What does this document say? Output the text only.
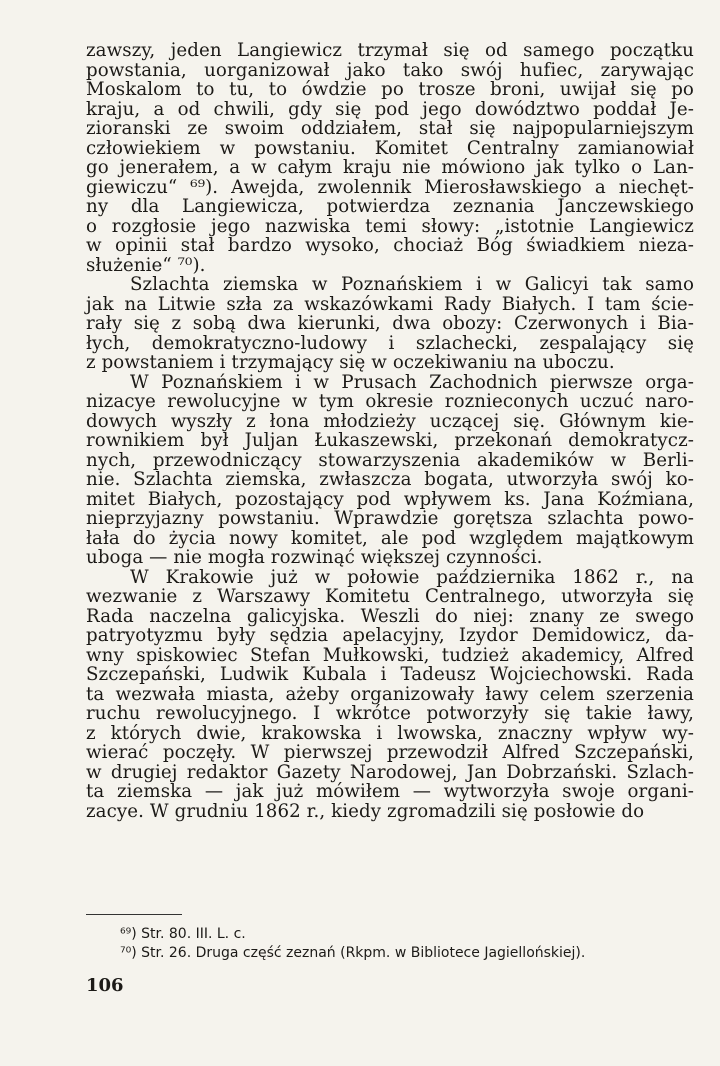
zawszy, jeden Langiewicz trzymał się od samego początku
powstania, uorganizował jako tako swój hufiec, zarywając
Moskalom to tu, to ówdzie po trosze broni, uwijał się po
kraju, a od chwili, gdy się pod jego dowództwo poddał Je-
zioranski ze swoim oddziałem, stał się najpopularniejszym
człowiekiem w powstaniu. Komitet Centralny zamianowiał
go jenerałem, a w całym kraju nie mówiono jak tylko o Lan-
giewiczu“ ⁶⁹). Awejda, zwolennik Mierosławskiego a niechęt-
ny dla Langiewicza, potwierdza zeznania Janczewskiego
o rozgłosie jego nazwiska temi słowy: „istotnie Langiewicz
w opinii stał bardzo wysoko, chociaż Bóg świadkiem nieza-
służenie“ ⁷⁰).
Szlachta ziemska w Poznańskiem i w Galicyi tak samo
jak na Litwie szła za wskazówkami Rady Białych. I tam ście-
rały się z sobą dwa kierunki, dwa obozy: Czerwonych i Bia-
łych, demokratyczno-ludowy i szlachecki, zespalający się
z powstaniem i trzymający się w oczekiwaniu na uboczu.
W Poznańskiem i w Prusach Zachodnich pierwsze orga-
nizacye rewolucyjne w tym okresie roznieconych uczuć naro-
dowych wyszły z łona młodzieży uczącej się. Głównym kie-
rownikiem był Juljan Łukaszewski, przekonań demokratycz-
nych, przewodniczący stowarzyszenia akademików w Berli-
nie. Szlachta ziemska, zwłaszcza bogata, utworzyła swój ko-
mitet Białych, pozostający pod wpływem ks. Jana Koźmiana,
nieprzyjazny powstaniu. Wprawdzie gorętsza szlachta powo-
łała do życia nowy komitet, ale pod względem majątkowym
uboga — nie mogła rozwinąć większej czynności.
W Krakowie już w połowie października 1862 r., na
wezwanie z Warszawy Komitetu Centralnego, utworzyła się
Rada naczelna galicyjska. Weszli do niej: znany ze swego
patryotyzmu były sędzia apelacyjny, Izydor Demidowicz, da-
wny spiskowiec Stefan Mułkowski, tudzież akademicy, Alfred
Szczepański, Ludwik Kubala i Tadeusz Wojciechowski. Rada
ta wezwała miasta, ażeby organizowały ławy celem szerzenia
ruchu rewolucyjnego. I wkrótce potworzyły się takie ławy,
z których dwie, krakowska i lwowska, znaczny wpływ wy-
wierać poczęły. W pierwszej przewodził Alfred Szczepański,
w drugiej redaktor Gazety Narodowej, Jan Dobrzański. Szlach-
ta ziemska — jak już mówiłem — wytworzyła swoje organi-
zacye. W grudniu 1862 r., kiedy zgromadzili się posłowie do
⁶⁹) Str. 80. III. L. c.
⁷⁰) Str. 26. Druga część zeznań (Rkpm. w Bibliotece Jagiellońskiej).
106
